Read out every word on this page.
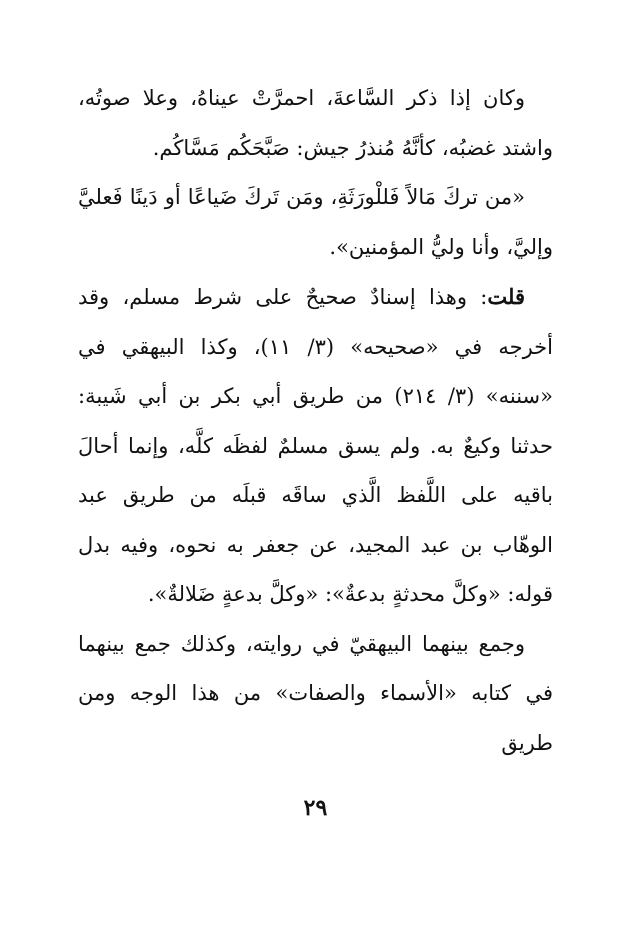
وكان إذا ذكر السَّاعةَ، احمرَّتْ عيناهُ، وعلا صوتُه، واشتد غضبُه، كأنَّهُ مُنذرُ جيش: صَبَّحَكُم مَسَّاكُم.

«من تركَ مَالاً فَللْورَثَةِ، ومَن تَركَ ضَياعًا أو دَينًا فَعليَّ وإليَّ، وأنا وليُّ المؤمنين».

قلت: وهذا إسنادٌ صحيحٌ على شرط مسلم، وقد أخرجه في «صحيحه» (٣/ ١١)، وكذا البيهقي في «سننه» (٣/ ٢١٤) من طريق أبي بكر بن أبي شَيبة: حدثنا وكيعٌ به. ولم يسق مسلمٌ لفظَه كلَّه، وإنما أحالَ باقيه على اللَّفظ الَّذي ساقَه قبلَه من طريق عبد الوهّاب بن عبد المجيد، عن جعفر به نحوه، وفيه بدل قوله: «وكلَّ محدثةٍ بدعةٌ»: «وكلَّ بدعةٍ ضَلالةٌ».

وجمع بينهما البيهقيّ في روايته، وكذلك جمع بينهما في كتابه «الأسماء والصفات» من هذا الوجه ومن طريق

٢٩
